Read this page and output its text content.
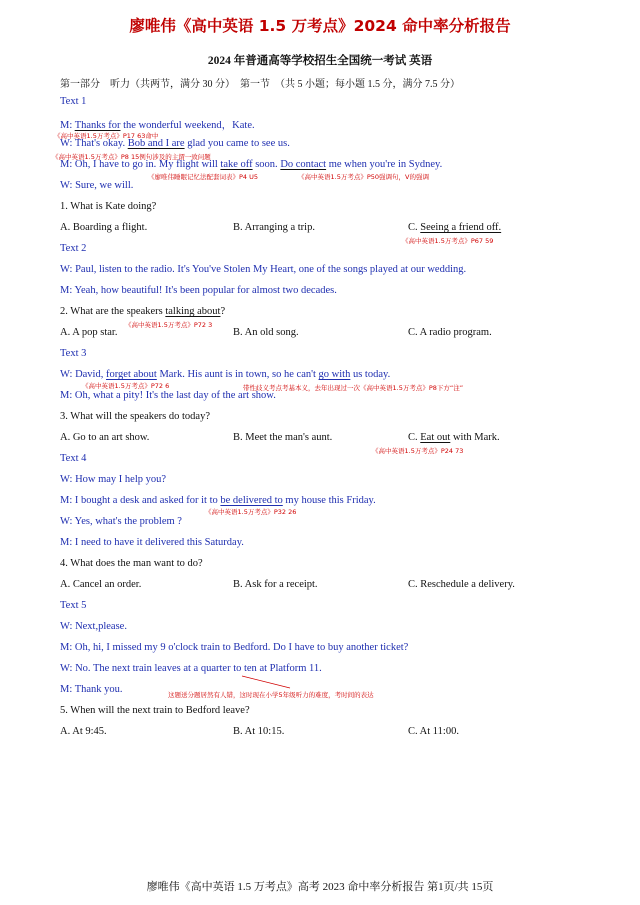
廖唯伟《高中英语 1.5 万考点》2024 命中率分析报告
2024 年普通高等学校招生全国统一考试 英语
第一部分　听力（共两节，满分 30 分）　第一节　（共 5 小题；每小题 1.5 分，满分 7.5 分）
Text 1
M: Thanks for the wonderful weekend，Kate.
《高中英语1.5万考点》P17 63命中
W: That's okay. Bob and I are glad you came to see us.
《高中英语1.5万考点》P8 15例句涉及的主谓一致问题
M: Oh, I have to go in. My flight will take off soon. Do contact me when you're in Sydney.
《廖唯伟睡眠记忆法配套词表》P4 U5	《高中英语1.5万考点》P50强调句，V的强调
W: Sure, we will.
1. What is Kate doing?
A. Boarding a flight.	B. Arranging a trip.	C. Seeing a friend off.
《高中英语1.5万考点》P67 59
Text 2
W: Paul, listen to the radio. It's You've Stolen My Heart, one of the songs played at our wedding.
M: Yeah, how beautiful! It's been popular for almost two decades.
2. What are the speakers talking about?
《高中英语1.5万考点》P72 3
A. A pop star.	B. An old song.	C. A radio program.
Text 3
W: David, forget about Mark. His aunt is in town, so he can't go with us today.
《高中英语1.5万考点》P72 6	带性歧义考点考基本义，去年出现过一次《高中英语1.5万考点》P8下方“注”
M: Oh, what a pity! It's the last day of the art show.
3. What will the speakers do today?
A. Go to an art show.	B. Meet the man's aunt.	C. Eat out with Mark.
《高中英语1.5万考点》P24 73
Text 4
W: How may I help you?
M: I bought a desk and asked for it to be delivered to my house this Friday.
《高中英语1.5万考点》P32 26
W: Yes, what's the problem ?
M: I need to have it delivered this Saturday.
4. What does the man want to do?
A. Cancel an order.	B. Ask for a receipt.	C. Reschedule a delivery.
Text 5
W: Next,please.
M: Oh, hi, I missed my 9 o'clock train to Bedford. Do I have to buy another ticket?
W: No. The next train leaves at a quarter to ten at Platform 11.
M: Thank you.	这题送分题居然有人错，这时现在小学5年级听力的难度，考时间的表达
5. When will the next train to Bedford leave?
A. At 9:45.	B. At 10:15.	C. At 11:00.
廖唯伟《高中英语 1.5 万考点》高考 2023 命中率分析报告 第1页/共 15页
